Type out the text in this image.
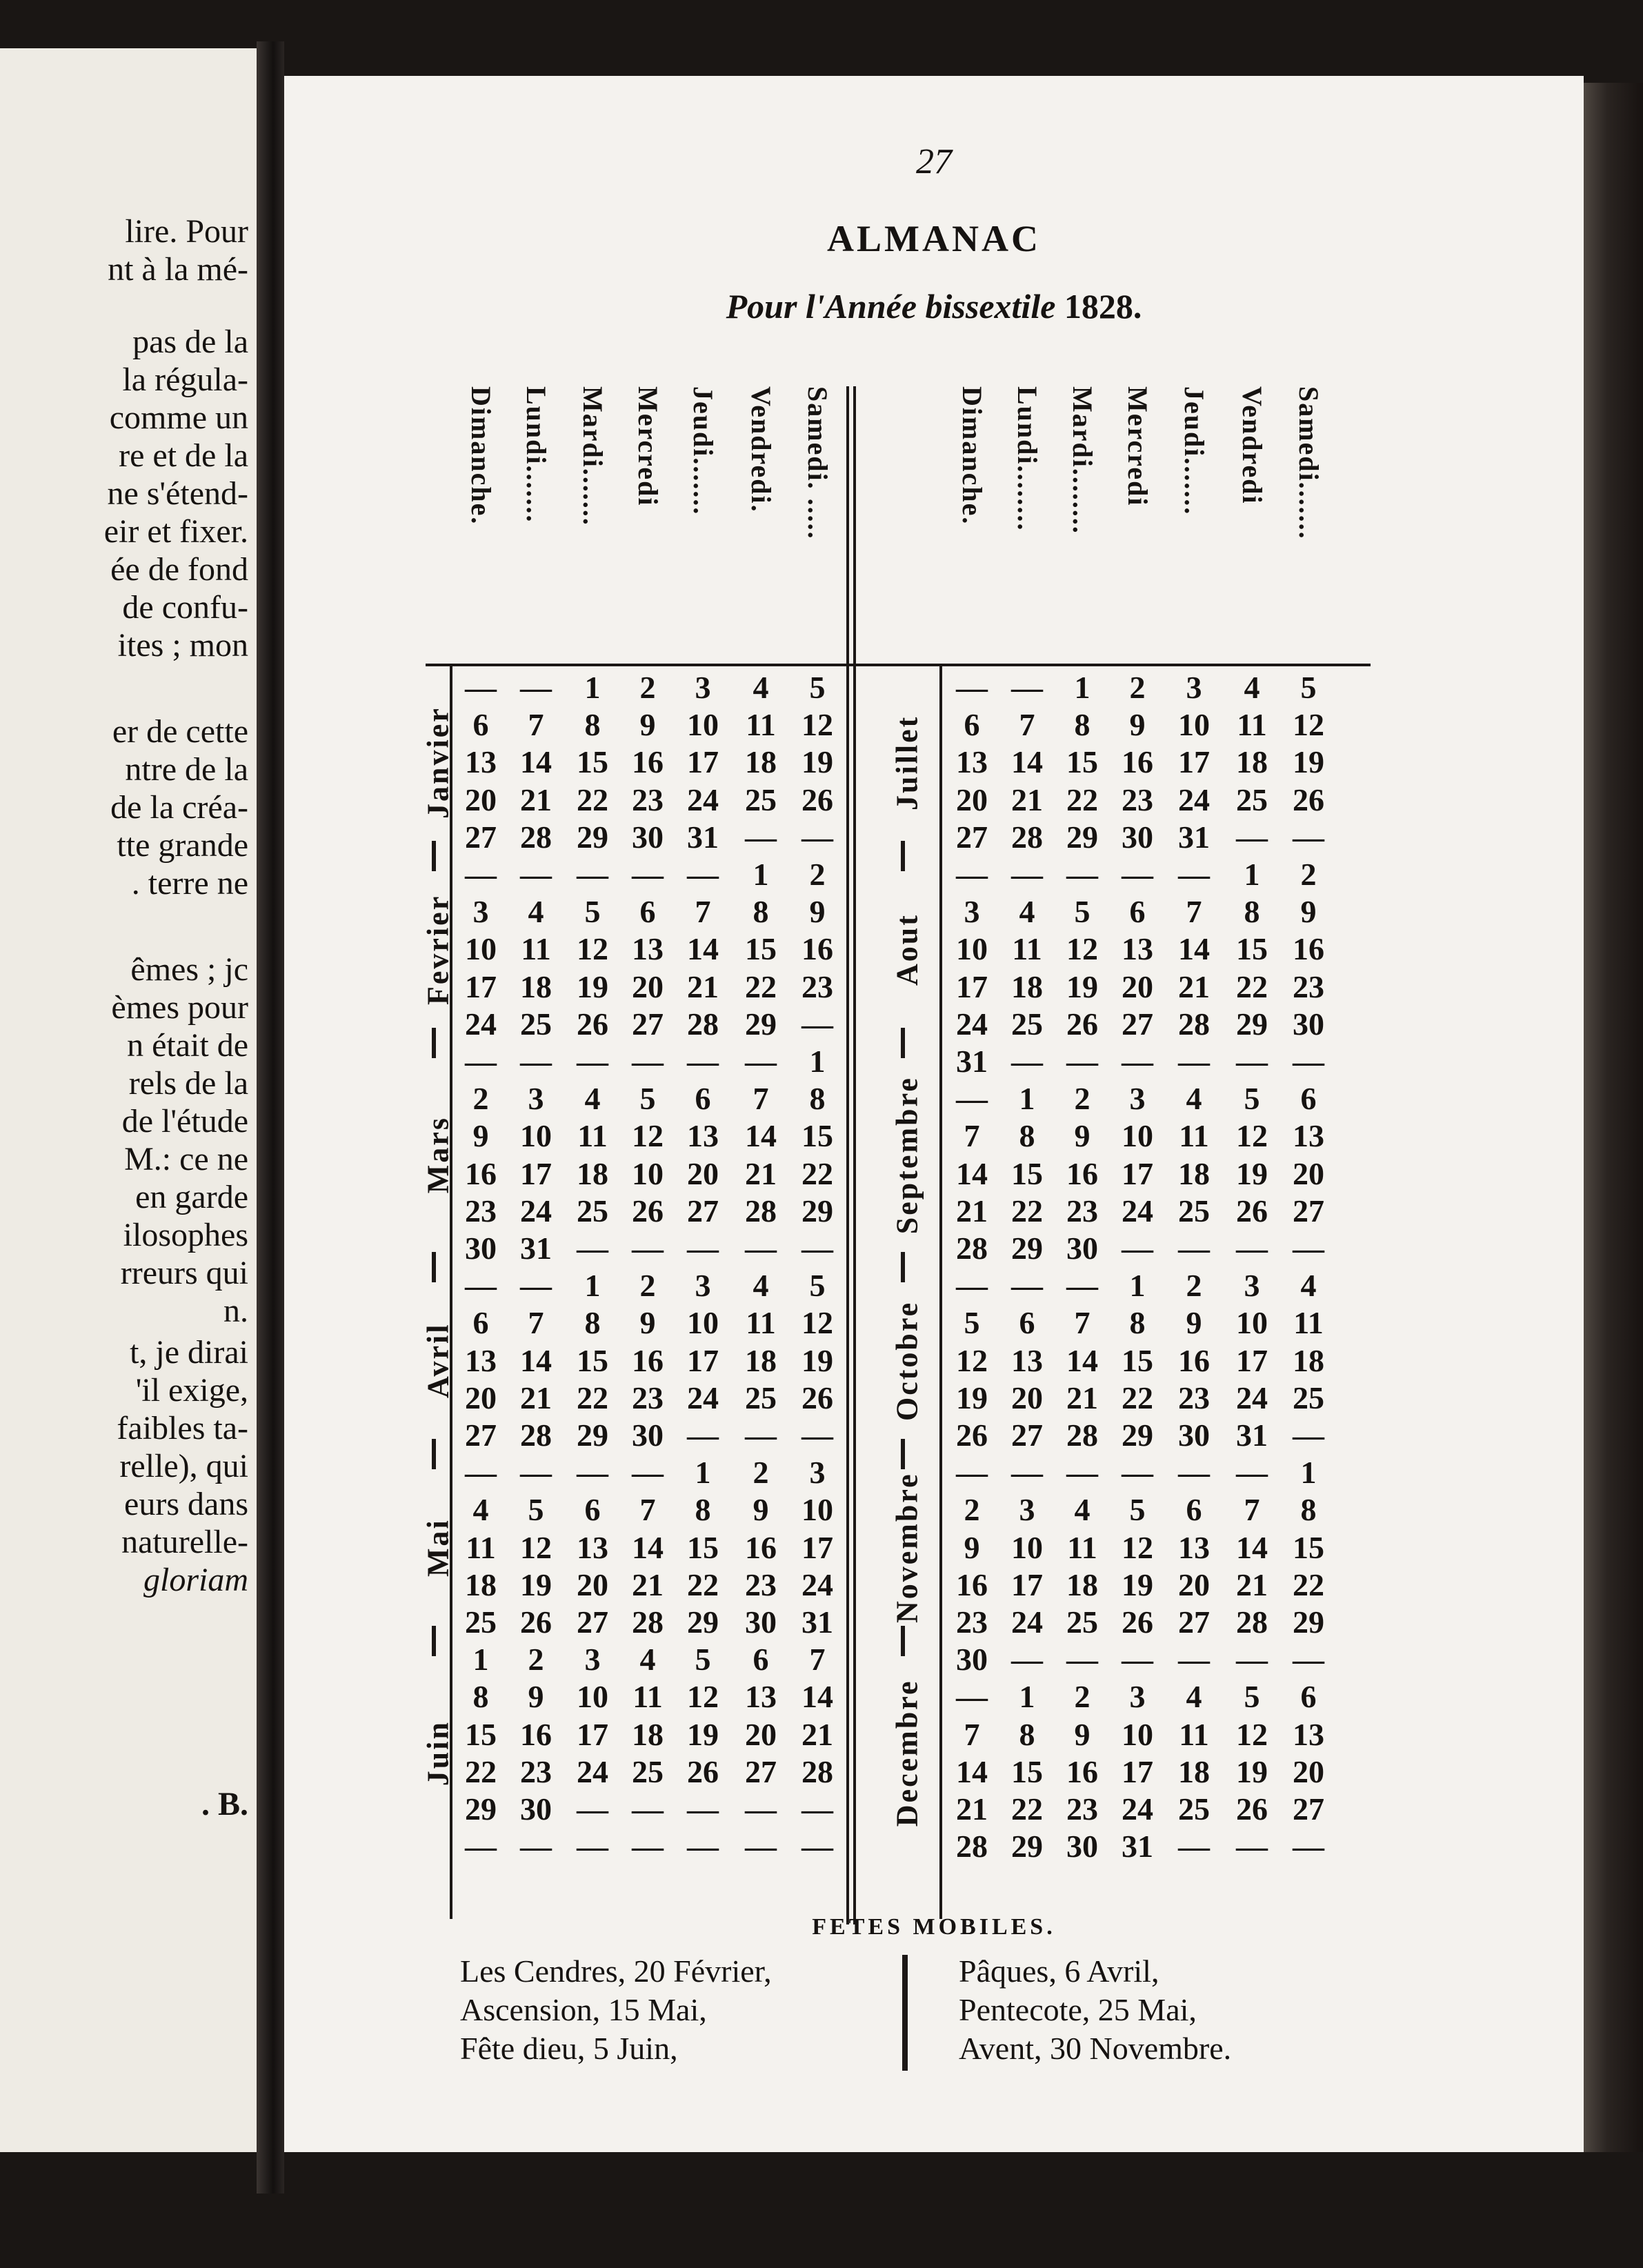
lire. Pour
nt à la mé-
pas de la
la régula-
comme un
re et de la
ne s'étend-
eir et fixer.
ée de fond
de confu-
ites ; mon
er de cette
ntre de la
de la créa-
tte grande
. terre ne
êmes ; jc
èmes pour
n était de
rels de la
de l'étude
M.: ce ne
en garde
ilosophes
rreurs qui
n.
t, je dirai
'il exige,
faibles ta-
relle), qui
eurs dans
naturelle-
gloriam
. B.
27
ALMANAC
Pour l'Année bissextile 1828.
Dimanche. Lundi....... Mardi....... Mercredi Jeudi....... Vendredi. Samedi. .....
— —	1	2	3	4	5
6	7	8	9 10 11 12
13 14 15 16 17 18 19
20 21 22 23 24 25 26
27 28 29 30 31 — —
Janvier
— — — — —	1	2
3	4	5	6	7	8	9
10 11 12 13 14 15 16
17 18 19 20 21 22 23
24 25 26 27 28 29 —
Fevrier
— — — — — —	1
2	3	4	5	6	7	8
9 10 11 12 13 14 15
16 17 18 10 20 21 22
23 24 25 26 27 28 29
30 31 — — — — —
Mars
— —	1	2	3	4	5
6	7	8	9 10 11 12
13 14 15 16 17 18 19
20 21 22 23 24 25 26
27 28 29 30 — — —
Avril
— — — — 1	2	3
4	5	6	7	8	9	10
11 12 13 14 15 16 17
18 19 20 21 22 23 24
25 26 27 28 29 30 31
Mai
1	2	3	4	5	6	7
8	9	10 11 12 13 14
15 16 17 18 19 20 21
22 23 24 25 26 27 28
29 30 — — — — —
— — — — — — —
Juin
Dimanche. Lundi........ Mardi........ Mercredi Jeudi....... Vendredi Samedi.......
— — 1	2	3	4	5
6	7	8	9	10 11 12
13 14 15 16 17 18 19
20 21 22 23 24 25 26
27 28 29 30 31 — —
Juillet
— — — — —	1	2
3	4	5	6	7	8	9
10 11 12 13 14 15 16
17 18 19 20 21 22 23
24 25 26 27 28 29 30
Aout
31 — — — — — —
— 1	2	3	4	5	6
7	8	9 10 11 12 13
14 15 16 17 18 19 20
21 22 23 24 25 26 27
28 29 30 — — — —
Septembre
— — — 1	2	3	4
5	6	7	8	9	10 11
12 13 14 15 16 17 18
19 20 21 22 23 24 25
26 27 28 29 30 31 —
Octobre
— — — — — —	1
2	3	4	5	6	7	8
9 10 11 12 13 14 15
16 17 18 19 20 21 22
23 24 25 26 27 28 29
Novembre
30 — — — — — —
— 1	2	3	4	5	6
7	8	9 10 11 12 13
14 15 16 17 18 19 20
21 22 23 24 25 26 27
28 29 30 31 — — —
Decembre
FETES MOBILES.
Les Cendres, 20 Février,
Ascension, 15 Mai,
Fête dieu, 5 Juin,
Pâques, 6 Avril,
Pentecote, 25 Mai,
Avent, 30 Novembre.
